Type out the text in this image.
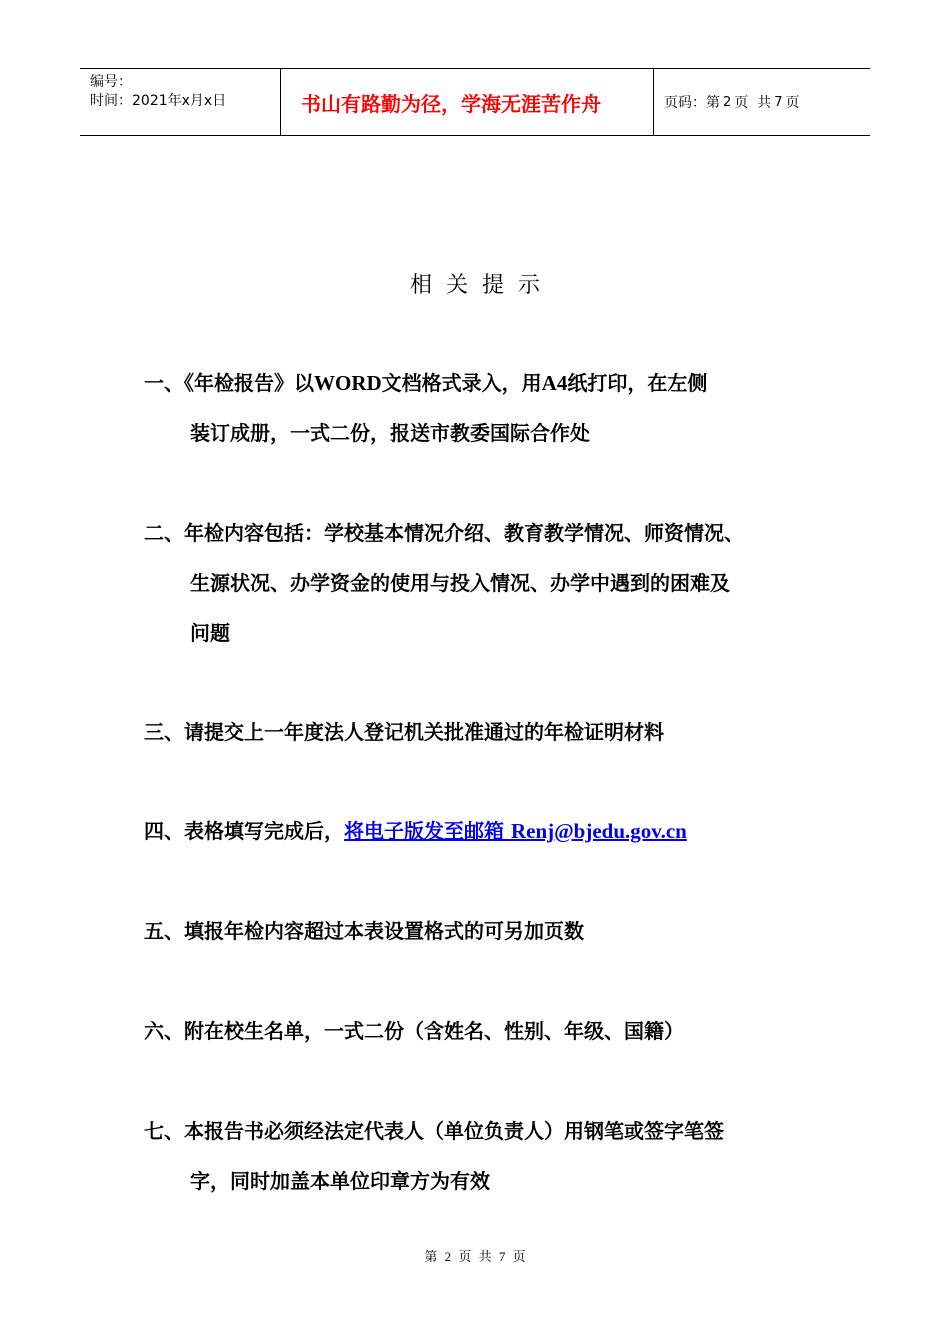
编号：
时间：2021年x月x日	书山有路勤为径，学海无涯苦作舟	页码：第 2 页  共 7 页
相关提示
一、《年检报告》以WORD文档格式录入，用A4纸打印，在左侧
装订成册，一式二份，报送市教委国际合作处
二、年检内容包括：学校基本情况介绍、教育教学情况、师资情况、
生源状况、办学资金的使用与投入情况、办学中遇到的困难及
问题
三、请提交上一年度法人登记机关批准通过的年检证明材料
四、表格填写完成后，将电子版发至邮箱 Renj@bjedu.gov.cn
五、填报年检内容超过本表设置格式的可另加页数
六、附在校生名单，一式二份（含姓名、性别、年级、国籍）
七、本报告书必须经法定代表人（单位负责人）用钢笔或签字笔签
字，同时加盖本单位印章方为有效
第 2 页 共 7 页
